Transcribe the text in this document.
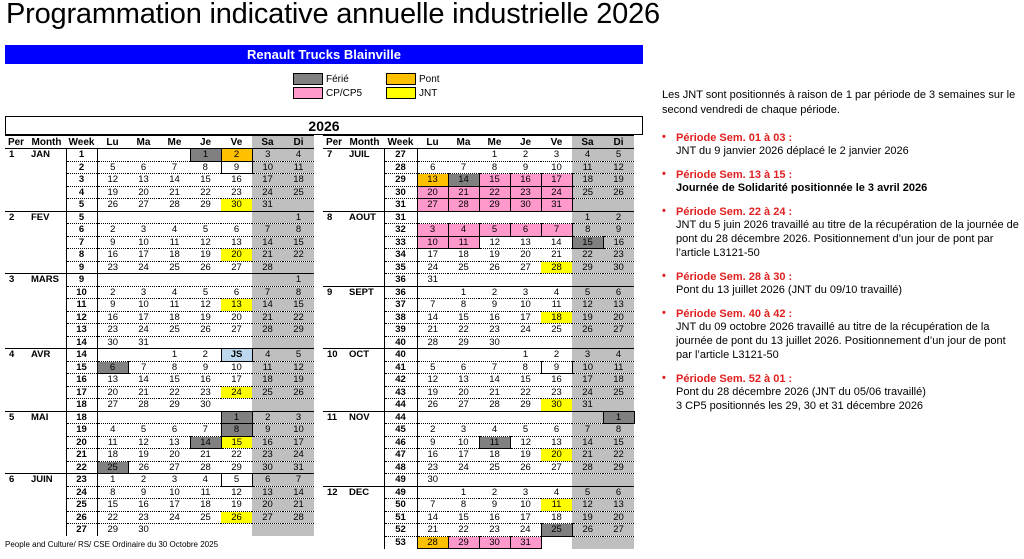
Programmation indicative annuelle industrielle 2026
Renault Trucks Blainville
Férié
CP/CP5
Pont
JNT
2026
Per	Month	Week	Lu	Ma	Me	Je	Ve	Sa	Di
1	JAN	1				1	2	3	4
		2	5	6	7	8	9	10	11
		3	12	13	14	15	16	17	18
		4	19	20	21	22	23	24	25
		5	26	27	28	29	30	31	
2	FEV	5							1
		6	2	3	4	5	6	7	8
		7	9	10	11	12	13	14	15
		8	16	17	18	19	20	21	22
		9	23	24	25	26	27	28	
3	MARS	9							1
		10	2	3	4	5	6	7	8
		11	9	10	11	12	13	14	15
		12	16	17	18	19	20	21	22
		13	23	24	25	26	27	28	29
		14	30	31					
4	AVR	14			1	2	JS	4	5
		15	6	7	8	9	10	11	12
		16	13	14	15	16	17	18	19
		17	20	21	22	23	24	25	26
		18	27	28	29	30			
5	MAI	18					1	2	3
		19	4	5	6	7	8	9	10
		20	11	12	13	14	15	16	17
		21	18	19	20	21	22	23	24
		22	25	26	27	28	29	30	31
6	JUIN	23	1	2	3	4	5	6	7
		24	8	9	10	11	12	13	14
		25	15	16	17	18	19	20	21
		26	22	23	24	25	26	27	28
		27	29	30					
Per	Month	Week	Lu	Ma	Me	Je	Ve	Sa	Di
7	JUIL	27			1	2	3	4	5
		28	6	7	8	9	10	11	12
		29	13	14	15	16	17	18	19
		30	20	21	22	23	24	25	26
		31	27	28	29	30	31		
8	AOUT	31						1	2
		32	3	4	5	6	7	8	9
		33	10	11	12	13	14	15	16
		34	17	18	19	20	21	22	23
		35	24	25	26	27	28	29	30
		36	31						
9	SEPT	36		1	2	3	4	5	6
		37	7	8	9	10	11	12	13
		38	14	15	16	17	18	19	20
		39	21	22	23	24	25	26	27
		40	28	29	30				
10	OCT	40				1	2	3	4
		41	5	6	7	8	9	10	11
		42	12	13	14	15	16	17	18
		43	19	20	21	22	23	24	25
		44	26	27	28	29	30	31	
11	NOV	44							1
		45	2	3	4	5	6	7	8
		46	9	10	11	12	13	14	15
		47	16	17	18	19	20	21	22
		48	23	24	25	26	27	28	29
		49	30						
12	DEC	49		1	2	3	4	5	6
		50	7	8	9	10	11	12	13
		51	14	15	16	17	18	19	20
		52	21	22	23	24	25	26	27
		53	28	29	30	31			
People and Culture/ RS/ CSE Ordinaire du 30 Octobre 2025
Les JNT sont positionnés à raison de 1 par période de 3 semaines sur le second vendredi de chaque période.
• Période Sem. 01 à 03 :
JNT du 9 janvier 2026 déplacé le 2 janvier 2026
• Période Sem. 13 à 15 :
Journée de Solidarité positionnée le 3 avril 2026
• Période Sem. 22 à 24 :
JNT du 5 juin 2026 travaillé au titre de la récupération de la journée de pont du 28 décembre 2026. Positionnement d’un jour de pont par l’article L3121-50
• Période Sem. 28 à 30 :
Pont du 13 juillet 2026 (JNT du 09/10 travaillé)
• Période Sem. 40 à 42 :
JNT du 09 octobre 2026 travaillé au titre de la récupération de la journée de pont du 13 juillet 2026. Positionnement d’un jour de pont par l’article L3121-50
• Période Sem. 52 à 01 :
Pont du 28 décembre 2026 (JNT du 05/06 travaillé)
3 CP5 positionnés les 29, 30 et 31 décembre 2026
